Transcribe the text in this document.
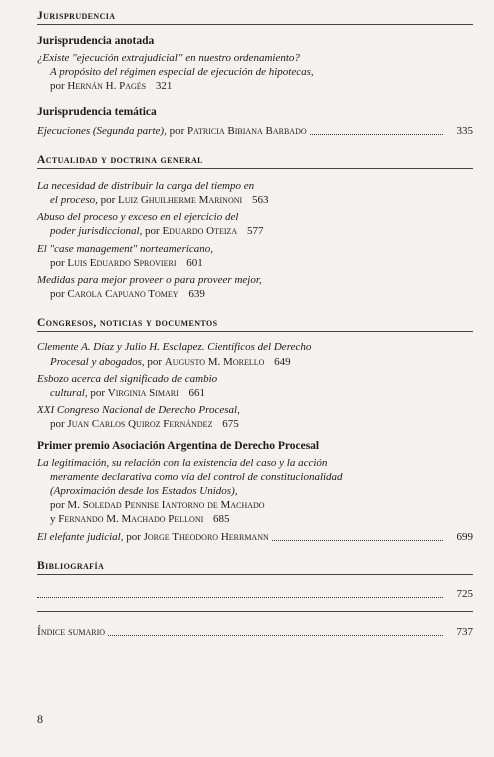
Jurisprudencia
Jurisprudencia anotada
¿Existe "ejecución extrajudicial" en nuestro ordenamiento?
A propósito del régimen especial de ejecución de hipotecas,
por Hernán H. Pagés 321
Jurisprudencia temática
Ejecuciones (Segunda parte), por Patricia Bibiana Barbado	335
Actualidad y doctrina general
La necesidad de distribuir la carga del tiempo en
el proceso, por Luiz Ghuilherme Marinoni 563
Abuso del proceso y exceso en el ejercicio del
poder jurisdiccional, por Eduardo Oteiza 577
El "case management" norteamericano,
por Luis Eduardo Sprovieri 601
Medidas para mejor proveer o para proveer mejor,
por Carola Capuano Tomey 639
Congresos, noticias y documentos
Clemente A. Díaz y Julio H. Esclapez. Científicos del Derecho
Procesal y abogados, por Augusto M. Morello 649
Esbozo acerca del significado de cambio
cultural, por Virginia Simari 661
XXI Congreso Nacional de Derecho Procesal,
por Juan Carlos Quiroz Fernández 675
Primer premio Asociación Argentina de Derecho Procesal
La legitimación, su relación con la existencia del caso y la acción
meramente declarativa como vía del control de constitucionalidad
(Aproximación desde los Estados Unidos),
por M. Soledad Pennise Iantorno de Machado
y Fernando M. Machado Pelloni 685
El elefante judicial, por Jorge Theodoro Herrmann	699
Bibliografía
725
Índice sumario	737
8
